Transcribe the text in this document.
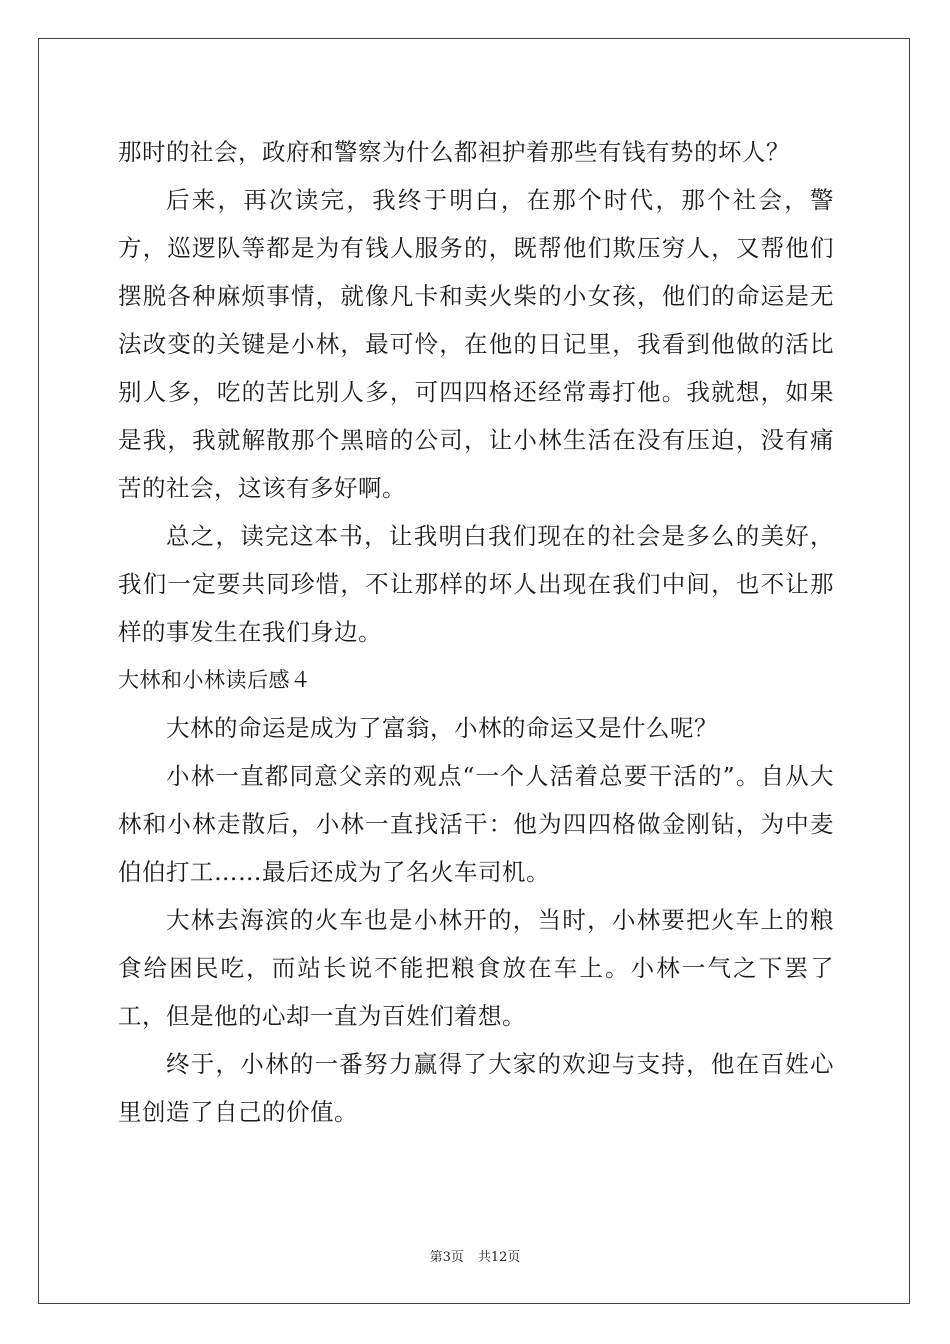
那时的社会，政府和警察为什么都袒护着那些有钱有势的坏人？

后来，再次读完，我终于明白，在那个时代，那个社会，警方，巡逻队等都是为有钱人服务的，既帮他们欺压穷人，又帮他们摆脱各种麻烦事情，就像凡卡和卖火柴的小女孩，他们的命运是无法改变的关键是小林，最可怜，在他的日记里，我看到他做的活比别人多，吃的苦比别人多，可四四格还经常毒打他。我就想，如果是我，我就解散那个黑暗的公司，让小林生活在没有压迫，没有痛苦的社会，这该有多好啊。

总之，读完这本书，让我明白我们现在的社会是多么的美好，我们一定要共同珍惜，不让那样的坏人出现在我们中间，也不让那样的事发生在我们身边。

大林和小林读后感４

大林的命运是成为了富翁，小林的命运又是什么呢？

小林一直都同意父亲的观点“一个人活着总要干活的”。自从大林和小林走散后，小林一直找活干：他为四四格做金刚钻，为中麦伯伯打工……最后还成为了名火车司机。

大林去海滨的火车也是小林开的，当时，小林要把火车上的粮食给困民吃，而站长说不能把粮食放在车上。小林一气之下罢了工，但是他的心却一直为百姓们着想。

终于，小林的一番努力赢得了大家的欢迎与支持，他在百姓心里创造了自己的价值。

第3页 共12页
